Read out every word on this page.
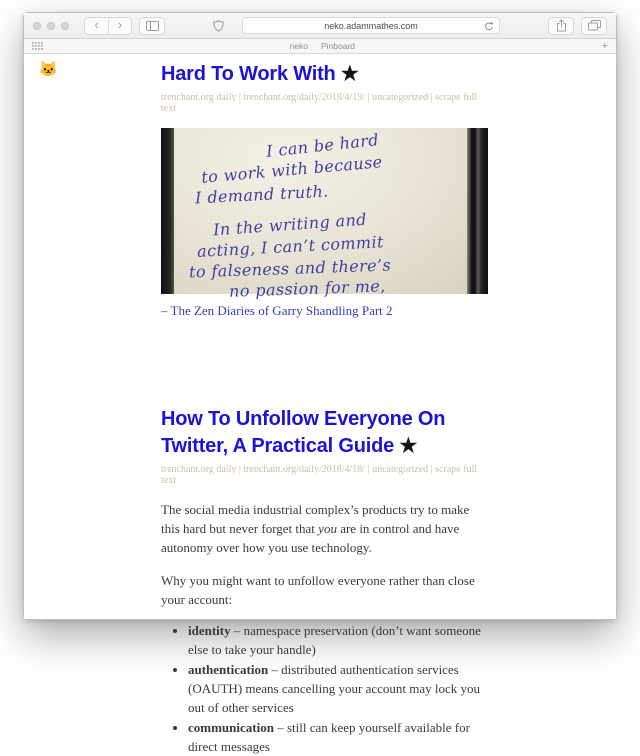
‹	›	neko.adammathes.com
neko Pinboard	+
🐱	Hard To Work With ★
trenchant.org daily | trenchant.org/daily/2018/4/19/ | uncategorized | scrape full text
I can be hard
to work with because
I demand truth.
In the writing and
acting, I can’t commit
to falseness and there’s
no passion for me,
– The Zen Diaries of Garry Shandling Part 2
How To Unfollow Everyone On Twitter, A Practical Guide ★
trenchant.org daily | trenchant.org/daily/2018/4/18/ | uncategorized | scrape full text

The social media industrial complex’s products try to make this hard but never forget that you are in control and have autonomy over how you use technology.

Why you might want to unfollow everyone rather than close your account:

• identity – namespace preservation (don’t want someone else to take your handle)
• authentication – distributed authentication services (OAUTH) means cancelling your account may lock you out of other services
• communication – still can keep yourself available for direct messages
